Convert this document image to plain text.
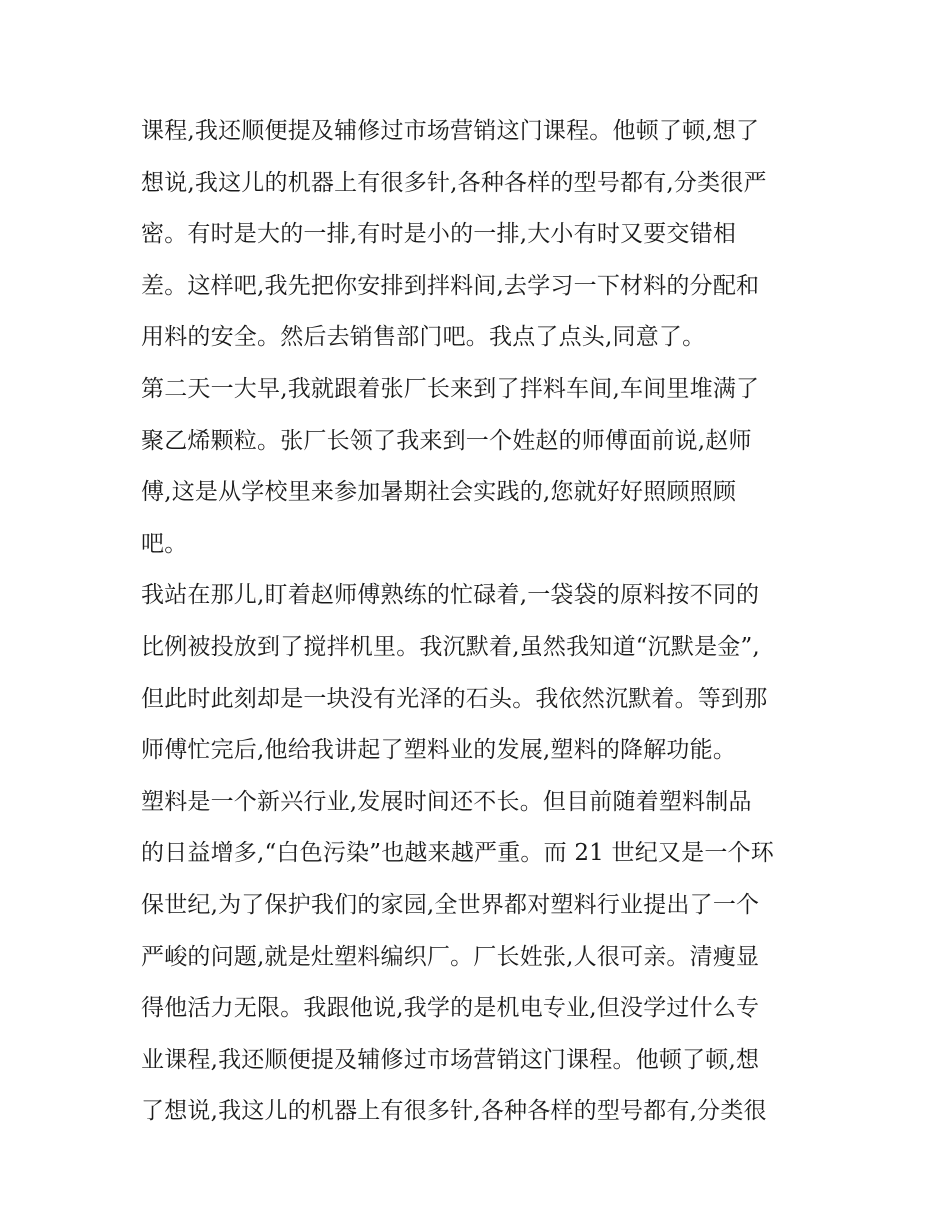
课程,我还顺便提及辅修过市场营销这门课程。他顿了顿,想了
想说,我这儿的机器上有很多针,各种各样的型号都有,分类很严
密。有时是大的一排,有时是小的一排,大小有时又要交错相
差。这样吧,我先把你安排到拌料间,去学习一下材料的分配和
用料的安全。然后去销售部门吧。我点了点头,同意了。
第二天一大早,我就跟着张厂长来到了拌料车间,车间里堆满了
聚乙烯颗粒。张厂长领了我来到一个姓赵的师傅面前说,赵师
傅,这是从学校里来参加暑期社会实践的,您就好好照顾照顾
吧。
我站在那儿,盯着赵师傅熟练的忙碌着,一袋袋的原料按不同的
比例被投放到了搅拌机里。我沉默着,虽然我知道“沉默是金”,
但此时此刻却是一块没有光泽的石头。我依然沉默着。等到那
师傅忙完后,他给我讲起了塑料业的发展,塑料的降解功能。
塑料是一个新兴行业,发展时间还不长。但目前随着塑料制品
的日益增多,“白色污染”也越来越严重。而 21 世纪又是一个环
保世纪,为了保护我们的家园,全世界都对塑料行业提出了一个
严峻的问题,就是灶塑料编织厂。厂长姓张,人很可亲。清瘦显
得他活力无限。我跟他说,我学的是机电专业,但没学过什么专
业课程,我还顺便提及辅修过市场营销这门课程。他顿了顿,想
了想说,我这儿的机器上有很多针,各种各样的型号都有,分类很
